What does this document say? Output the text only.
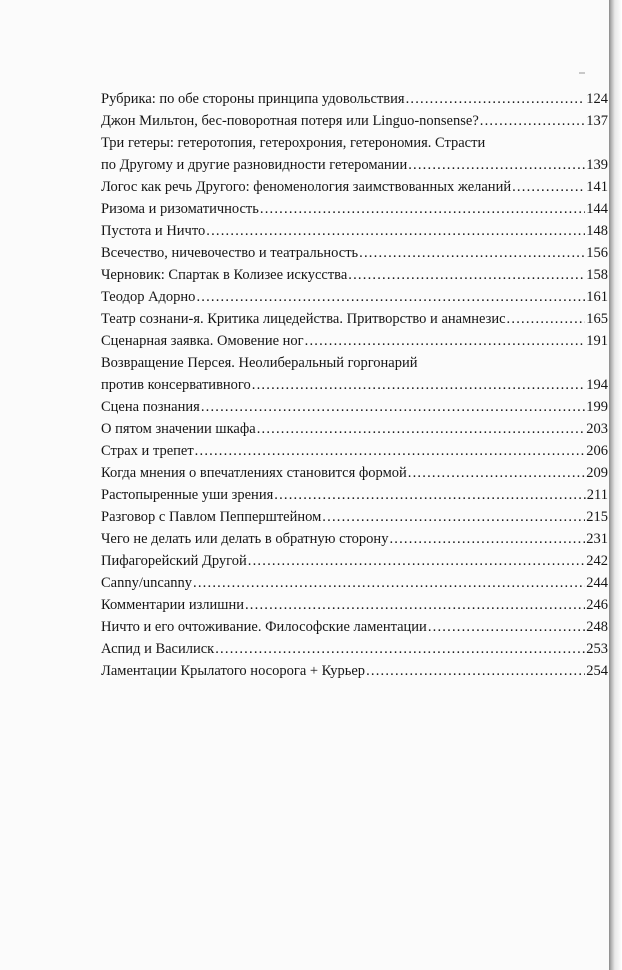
Рубрика: по обе стороны принципа удовольствия .....	124
Джон Мильтон, бес-поворотная потеря или Linguo-nonsense? .....	137
Три гетеры: гетеротопия, гетерохрония, гетерономия. Страсти
по Другому и другие разновидности гетеромании .....	139
Логос как речь Другого: феноменология заимствованных желаний .....	141
Ризома и ризоматичность .....	144
Пустота и Ничто .....	148
Всечество, ничевочество и театральность .....	156
Черновик: Спартак в Колизее искусства .....	158
Теодор Адорно .....	161
Театр сознани-я. Критика лицедейства. Притворство и анамнезис .....	165
Сценарная заявка. Омовение ног .....	191
Возвращение Персея. Неолиберальный горгонарий
против консервативного .....	194
Сцена познания .....	199
О пятом значении шкафа .....	203
Страх и трепет .....	206
Когда мнения о впечатлениях становится формой .....	209
Растопыренные уши зрения .....	211
Разговор с Павлом Пепперштейном .....	215
Чего не делать или делать в обратную сторону .....	231
Пифагорейский Другой .....	242
Canny/uncanny .....	244
Комментарии излишни .....	246
Ничто и его очтоживание. Философские ламентации .....	248
Аспид и Василиск .....	253
Ламентации Крылатого носорога + Курьер .....	254
